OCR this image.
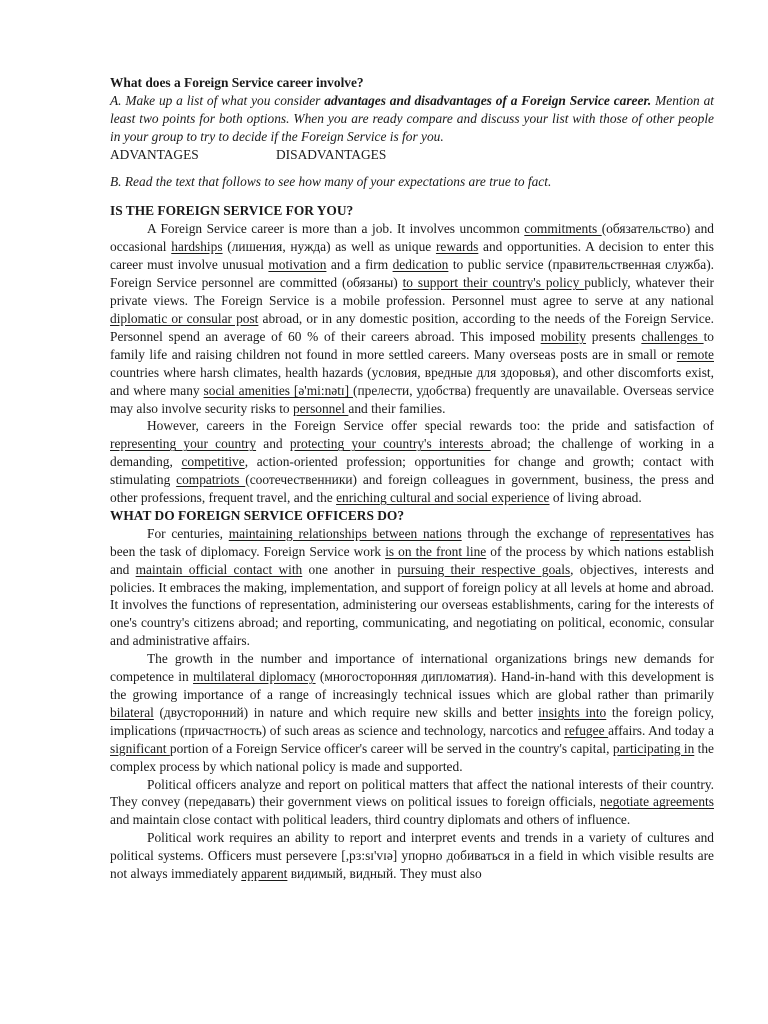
What does a Foreign Service career involve?

A. Make up a list of what you consider advantages and disadvantages of a Foreign Service career. Mention at least two points for both options. When you are ready compare and discuss your list with those of other people in your group to try to decide if the Foreign Service is for you.

ADVANTAGES	DISADVANTAGES

B. Read the text that follows to see how many of your expectations are true to fact.

IS THE FOREIGN SERVICE FOR YOU?

A Foreign Service career is more than a job. It involves uncommon commitments (обязательство) and occasional hardships (лишения, нужда) as well as unique rewards and opportunities. A decision to enter this career must involve unusual motivation and a firm dedication to public service (правительственная служба). Foreign Service personnel are committed (обязаны) to support their country's policy publicly, whatever their private views. The Foreign Service is a mobile profession. Personnel must agree to serve at any national diplomatic or consular post abroad, or in any domestic position, according to the needs of the Foreign Service. Personnel spend an average of 60 % of their careers abroad. This imposed mobility presents challenges to family life and raising children not found in more settled careers. Many overseas posts are in small or remote countries where harsh climates, health hazards (условия, вредные для здоровья), and other discomforts exist, and where many social amenities [ə'mi:nətɪ] (прелести, удобства) frequently are unavailable. Overseas service may also involve security risks to personnel and their families.

However, careers in the Foreign Service offer special rewards too: the pride and satisfaction of representing your country and protecting your country's interests abroad; the challenge of working in a demanding, competitive, action-oriented profession; opportunities for change and growth; contact with stimulating compatriots (соотечественники) and foreign colleagues in government, business, the press and other professions, frequent travel, and the enriching cultural and social experience of living abroad.

WHAT DO FOREIGN SERVICE OFFICERS DO?

For centuries, maintaining relationships between nations through the exchange of representatives has been the task of diplomacy. Foreign Service work is on the front line of the process by which nations establish and maintain official contact with one another in pursuing their respective goals, objectives, interests and policies. It embraces the making, implementation, and support of foreign policy at all levels at home and abroad. It involves the functions of representation, administering our overseas establishments, caring for the interests of one's country's citizens abroad; and reporting, communicating, and negotiating on political, economic, consular and administrative affairs.

The growth in the number and importance of international organizations brings new demands for competence in multilateral diplomacy (многосторонняя дипломатия). Hand-in-hand with this development is the growing importance of a range of increasingly technical issues which are global rather than primarily bilateral (двусторонний) in nature and which require new skills and better insights into the foreign policy, implications (причастность) of such areas as science and technology, narcotics and refugee affairs. And today a significant portion of a Foreign Service officer's career will be served in the country's capital, participating in the complex process by which national policy is made and supported.

Political officers analyze and report on political matters that affect the national interests of their country. They convey (передавать) their government views on political issues to foreign officials, negotiate agreements and maintain close contact with political leaders, third country diplomats and others of influence.

Political work requires an ability to report and interpret events and trends in a variety of cultures and political systems. Officers must persevere [,pɜ:sɪ'vɪə] упорно добиваться in a field in which visible results are not always immediately apparent видимый, видный. They must also
